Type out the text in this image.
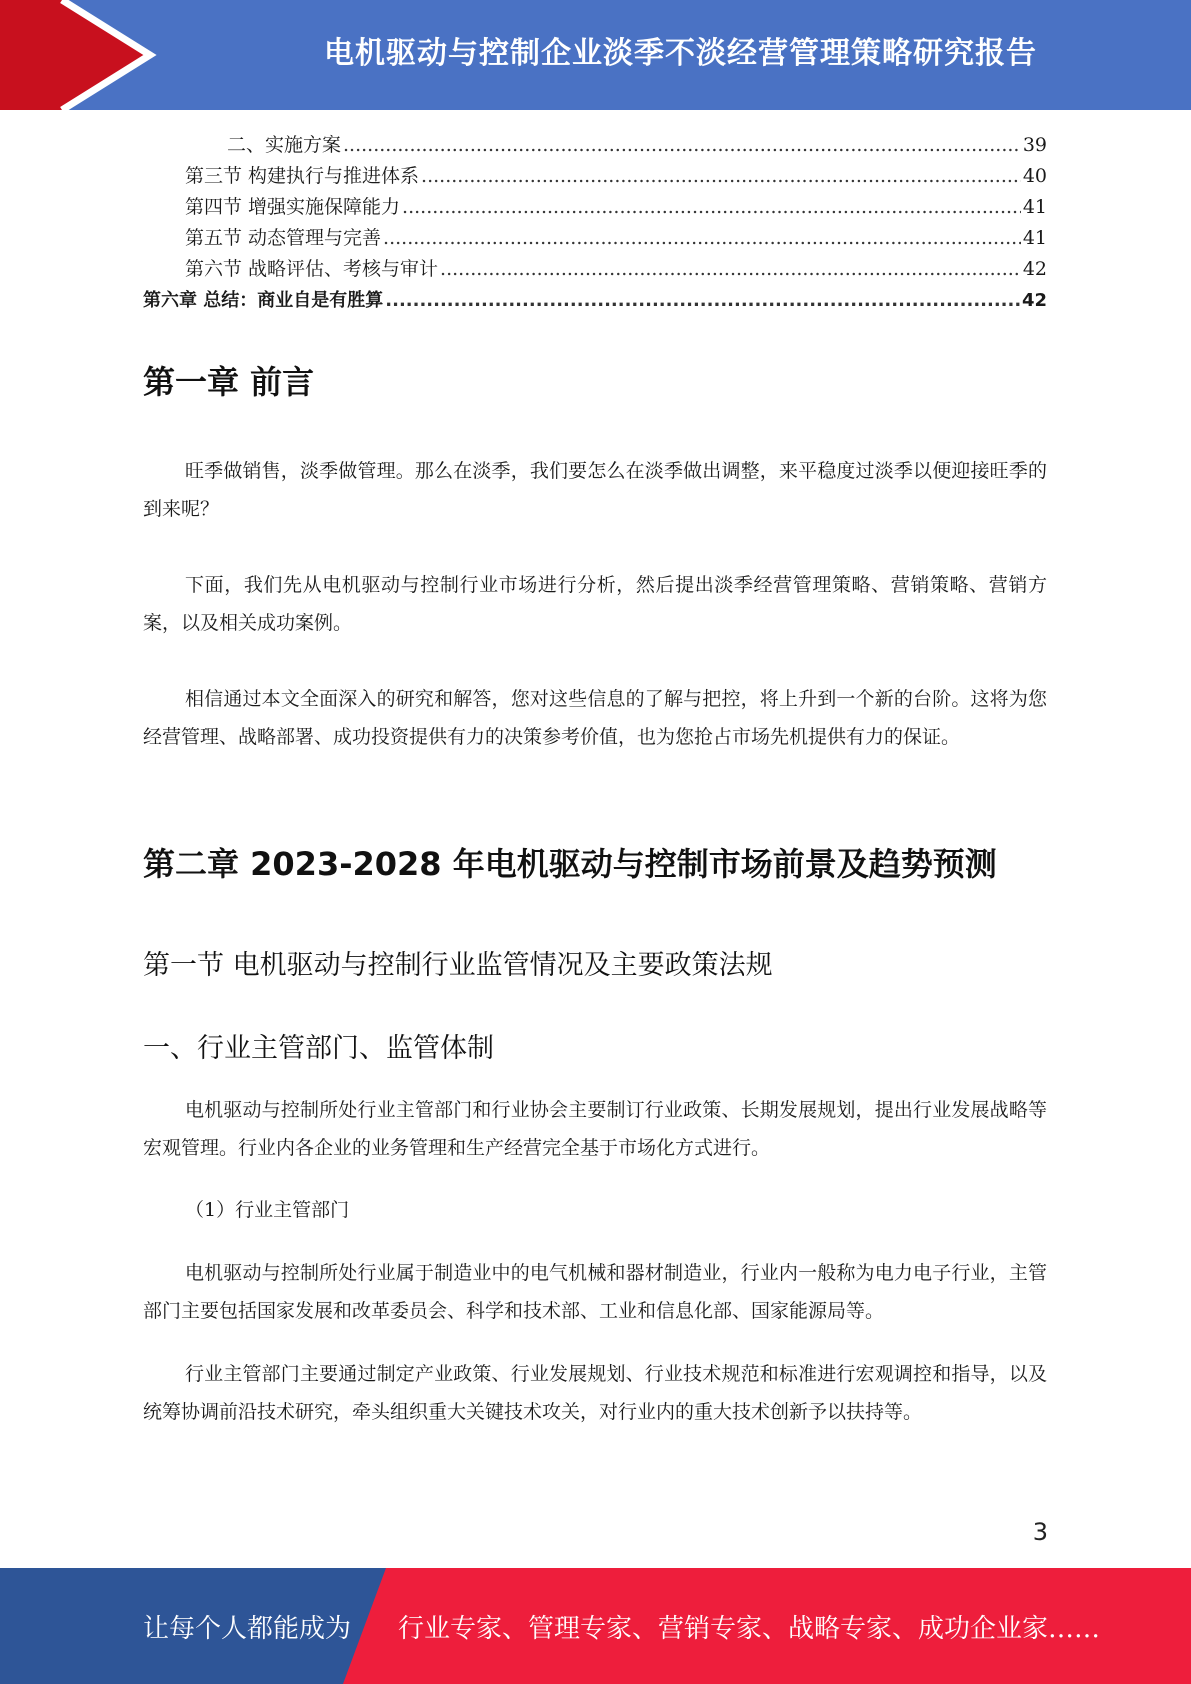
电机驱动与控制企业淡季不淡经营管理策略研究报告
二、实施方案 .....	39
第三节 构建执行与推进体系 .....	40
第四节 增强实施保障能力 .....	41
第五节 动态管理与完善 .....	41
第六节 战略评估、考核与审计 .....	42
第六章 总结：商业自是有胜算 .....	42
第一章 前言

旺季做销售，淡季做管理。那么在淡季，我们要怎么在淡季做出调整，来平稳度过淡季以便迎接旺季的到来呢？

下面，我们先从电机驱动与控制行业市场进行分析，然后提出淡季经营管理策略、营销策略、营销方案，以及相关成功案例。

相信通过本文全面深入的研究和解答，您对这些信息的了解与把控，将上升到一个新的台阶。这将为您经营管理、战略部署、成功投资提供有力的决策参考价值，也为您抢占市场先机提供有力的保证。

第二章 2023-2028 年电机驱动与控制市场前景及趋势预测
第一节 电机驱动与控制行业监管情况及主要政策法规
一、行业主管部门、监管体制

电机驱动与控制所处行业主管部门和行业协会主要制订行业政策、长期发展规划，提出行业发展战略等宏观管理。行业内各企业的业务管理和生产经营完全基于市场化方式进行。

（1）行业主管部门

电机驱动与控制所处行业属于制造业中的电气机械和器材制造业，行业内一般称为电力电子行业，主管部门主要包括国家发展和改革委员会、科学和技术部、工业和信息化部、国家能源局等。

行业主管部门主要通过制定产业政策、行业发展规划、行业技术规范和标准进行宏观调控和指导，以及统筹协调前沿技术研究，牵头组织重大关键技术攻关，对行业内的重大技术创新予以扶持等。

3
让每个人都能成为 行业专家、管理专家、营销专家、战略专家、成功企业家……
